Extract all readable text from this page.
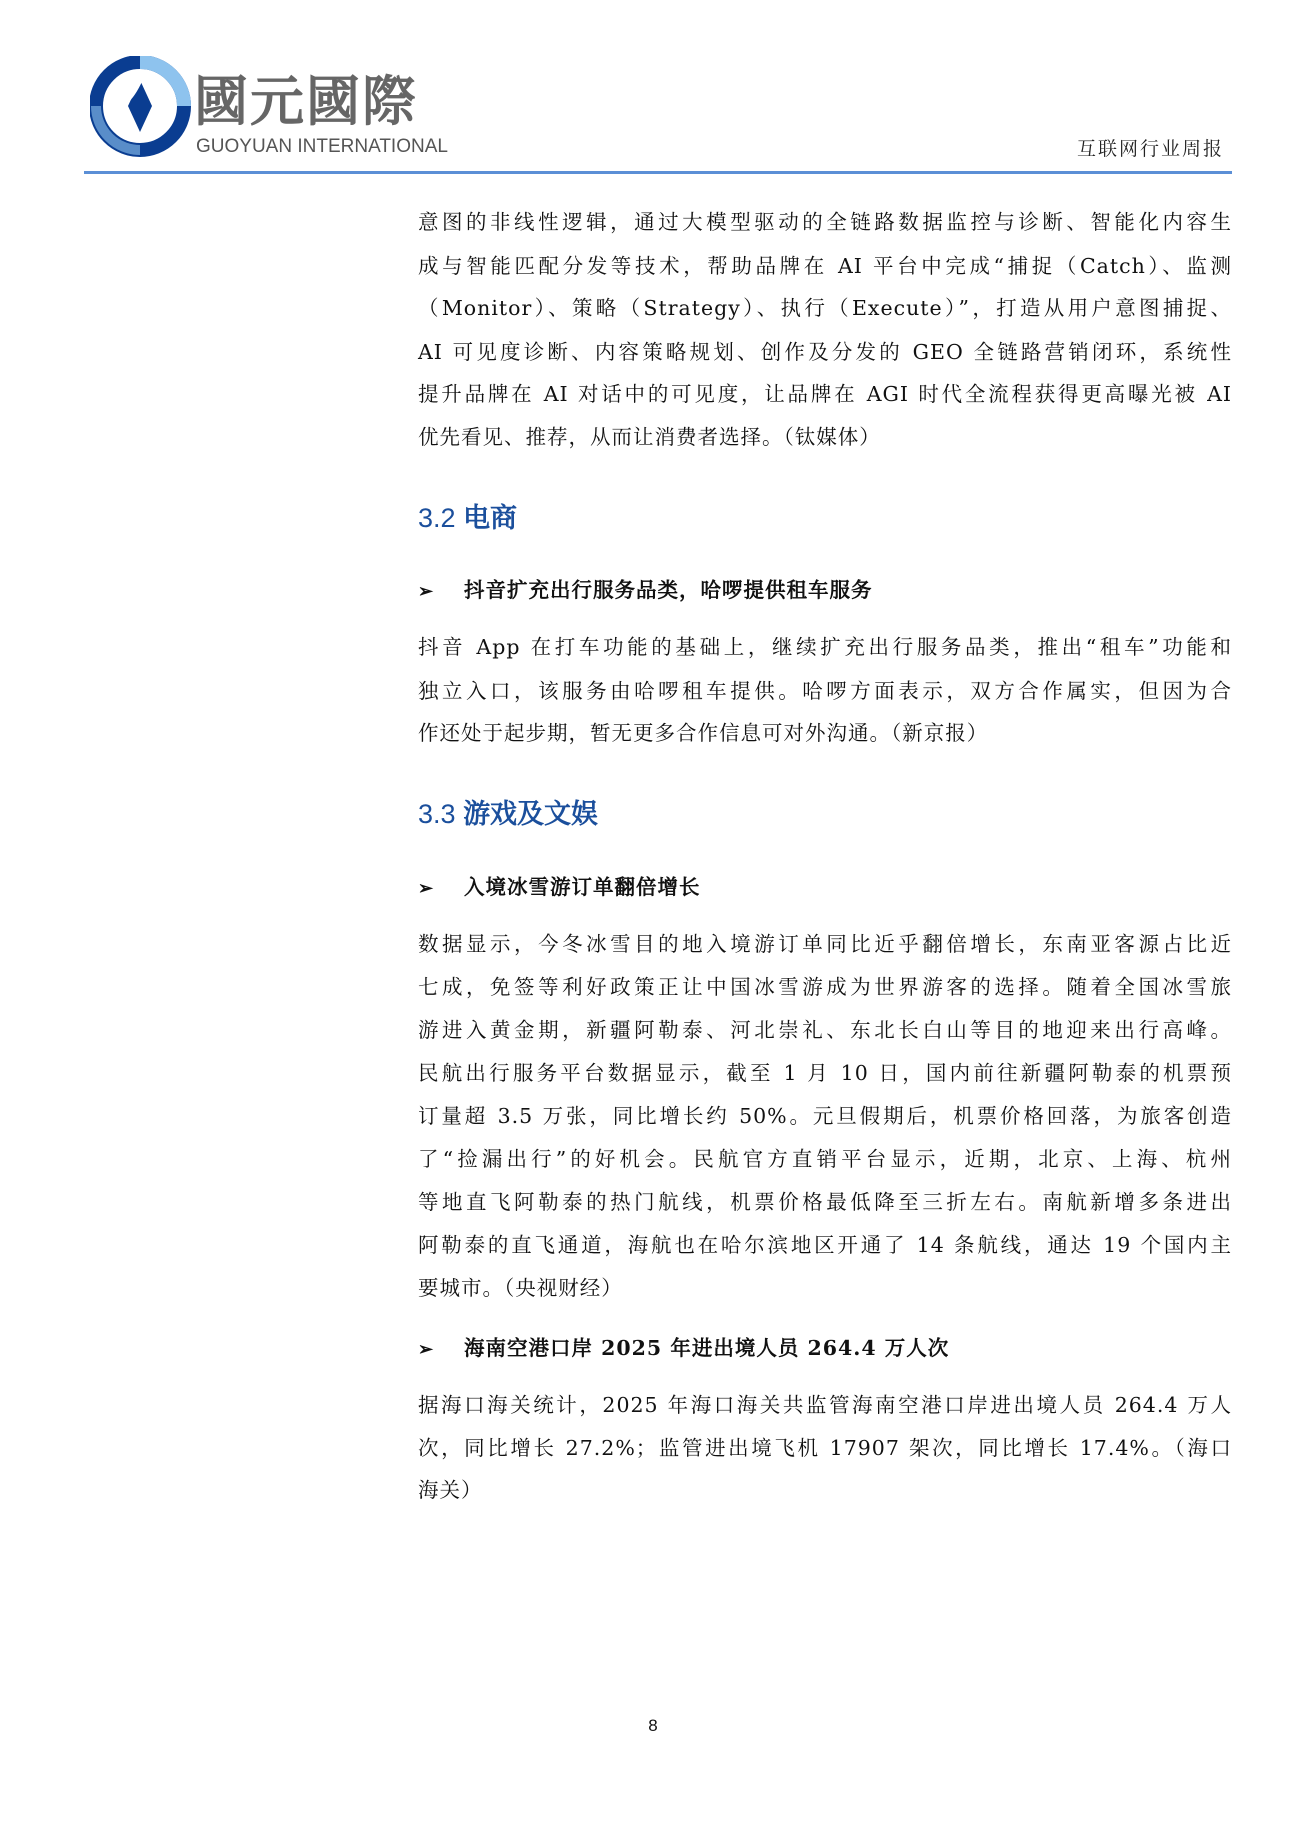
國元國際
GUOYUAN INTERNATIONAL	互联网行业周报
意图的非线性逻辑，通过大模型驱动的全链路数据监控与诊断、智能化内容生
成与智能匹配分发等技术，帮助品牌在 AI 平台中完成“捕捉（Catch）、监测
（Monitor）、策略（Strategy）、执行（Execute）”，打造从用户意图捕捉、
AI 可见度诊断、内容策略规划、创作及分发的 GEO 全链路营销闭环，系统性
提升品牌在 AI 对话中的可见度，让品牌在 AGI 时代全流程获得更高曝光被 AI
优先看见、推荐，从而让消费者选择。（钛媒体）
3.2 电商
➢ 抖音扩充出行服务品类，哈啰提供租车服务
抖音 App 在打车功能的基础上，继续扩充出行服务品类，推出“租车”功能和
独立入口，该服务由哈啰租车提供。哈啰方面表示，双方合作属实，但因为合
作还处于起步期，暂无更多合作信息可对外沟通。（新京报）
3.3 游戏及文娱
➢ 入境冰雪游订单翻倍增长
数据显示，今冬冰雪目的地入境游订单同比近乎翻倍增长，东南亚客源占比近
七成，免签等利好政策正让中国冰雪游成为世界游客的选择。随着全国冰雪旅
游进入黄金期，新疆阿勒泰、河北崇礼、东北长白山等目的地迎来出行高峰。
民航出行服务平台数据显示，截至 1 月 10 日，国内前往新疆阿勒泰的机票预
订量超 3.5 万张，同比增长约 50%。元旦假期后，机票价格回落，为旅客创造
了“捡漏出行”的好机会。民航官方直销平台显示，近期，北京、上海、杭州
等地直飞阿勒泰的热门航线，机票价格最低降至三折左右。南航新增多条进出
阿勒泰的直飞通道，海航也在哈尔滨地区开通了 14 条航线，通达 19 个国内主
要城市。（央视财经）
➢ 海南空港口岸 2025 年进出境人员 264.4 万人次
据海口海关统计，2025 年海口海关共监管海南空港口岸进出境人员 264.4 万人
次，同比增长 27.2%；监管进出境飞机 17907 架次，同比增长 17.4%。（海口
海关）
8
